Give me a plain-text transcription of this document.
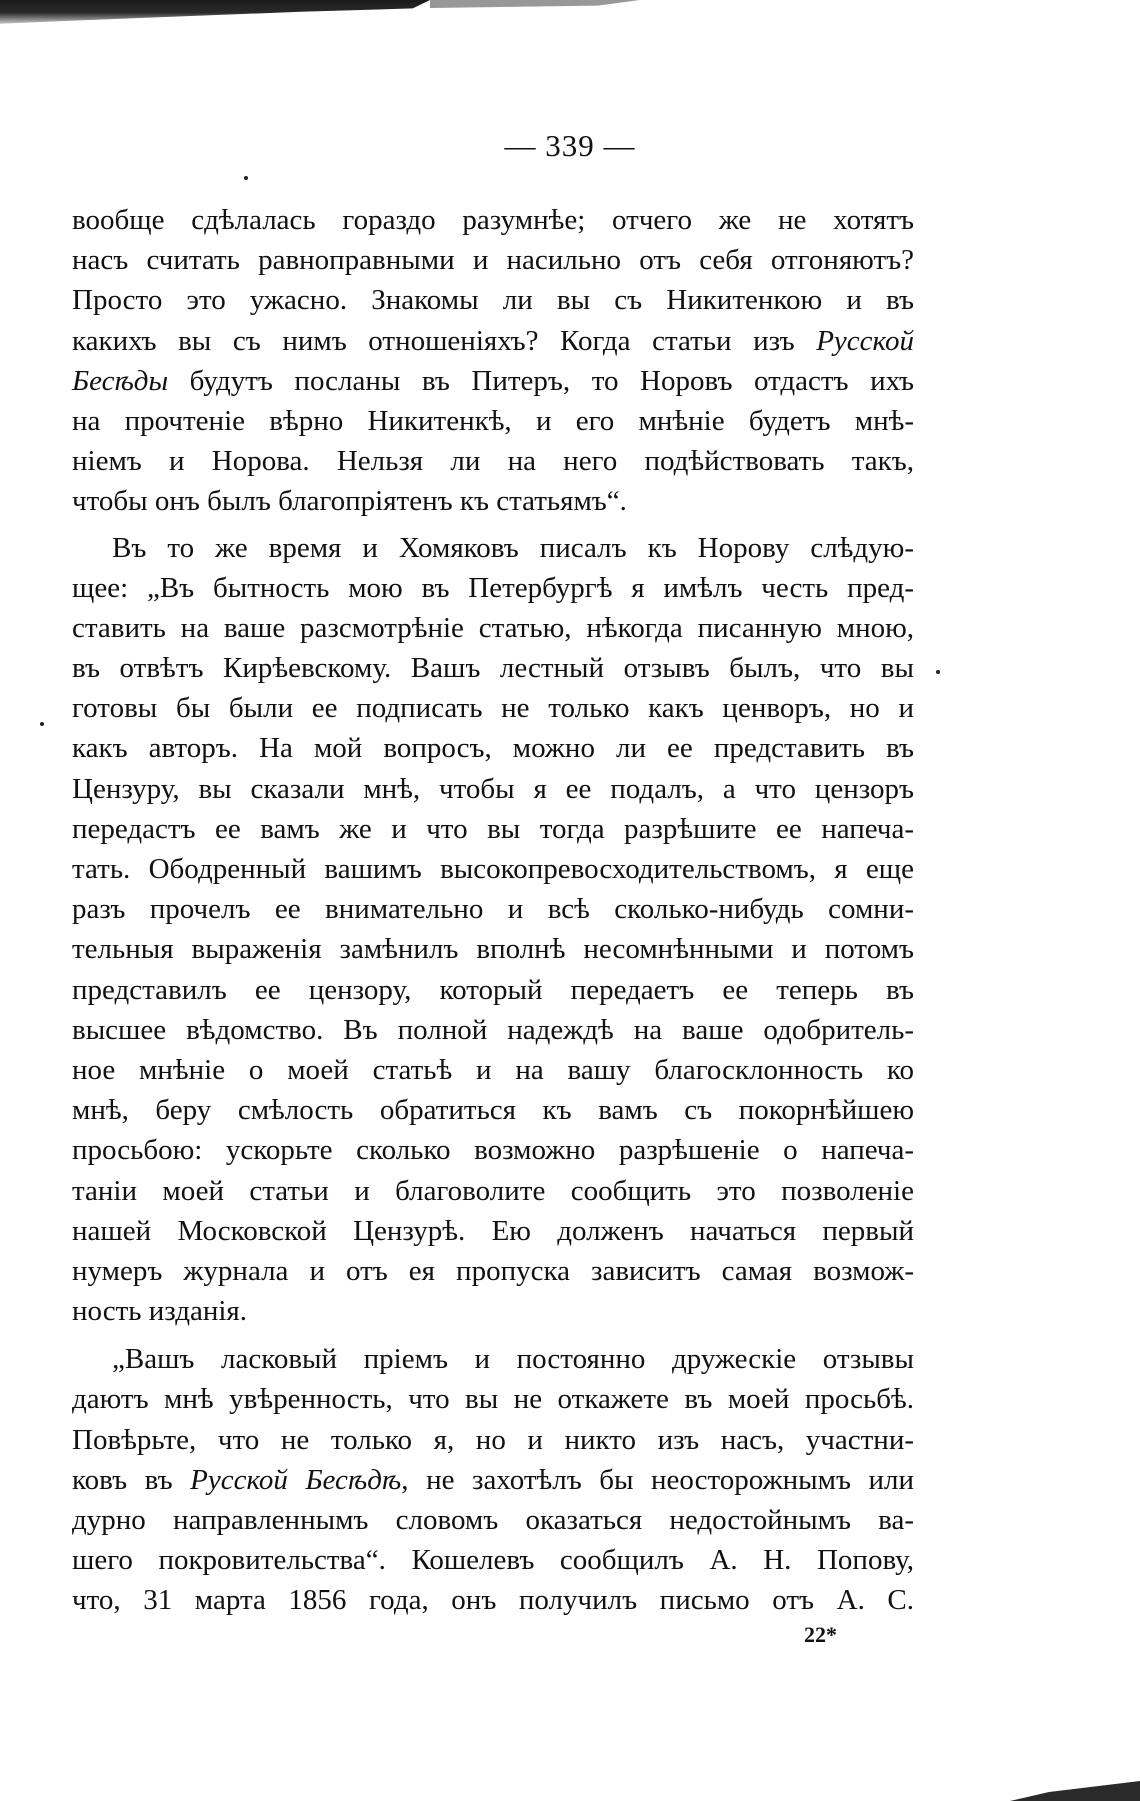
— 339 —
вообще сдѣлалась гораздо разумнѣе; отчего же не хотятъ
насъ считать равноправными и насильно отъ себя отгоняютъ?
Просто это ужасно. Знакомы ли вы съ Никитенкою и въ
какихъ вы съ нимъ отношеніяхъ? Когда статьи изъ Русской
Бесѣды будутъ посланы въ Питеръ, то Норовъ отдастъ ихъ
на прочтеніе вѣрно Никитенкѣ, и его мнѣніе будетъ мнѣ-
ніемъ и Норова. Нельзя ли на него подѣйствовать такъ,
чтобы онъ былъ благопріятенъ къ статьямъ“.
Въ то же время и Хомяковъ писалъ къ Норову слѣдую-
щее: „Въ бытность мою въ Петербургѣ я имѣлъ честь пред-
ставить на ваше разсмотрѣніе статью, нѣкогда писанную мною,
въ отвѣтъ Кирѣевскому. Вашъ лестный отзывъ былъ, что вы
готовы бы были ее подписать не только какъ ценворъ, но и
какъ авторъ. На мой вопросъ, можно ли ее представить въ
Цензуру, вы сказали мнѣ, чтобы я ее подалъ, а что цензоръ
передастъ ее вамъ же и что вы тогда разрѣшите ее напеча-
тать. Ободренный вашимъ высокопревосходительствомъ, я еще
разъ прочелъ ее внимательно и всѣ сколько-нибудь сомни-
тельныя выраженія замѣнилъ вполнѣ несомнѣнными и потомъ
представилъ ее цензору, который передаетъ ее теперь въ
высшее вѣдомство. Въ полной надеждѣ на ваше одобритель-
ное мнѣніе о моей статьѣ и на вашу благосклонность ко
мнѣ, беру смѣлость обратиться къ вамъ съ покорнѣйшею
просьбою: ускорьте сколько возможно разрѣшеніе о напеча-
таніи моей статьи и благоволите сообщить это позволеніе
нашей Московской Цензурѣ. Ею долженъ начаться первый
нумеръ журнала и отъ ея пропуска зависитъ самая возмож-
ность изданія.
„Вашъ ласковый пріемъ и постоянно дружескіе отзывы
даютъ мнѣ увѣренность, что вы не откажете въ моей просьбѣ.
Повѣрьте, что не только я, но и никто изъ насъ, участни-
ковъ въ Русской Бесѣдѣ, не захотѣлъ бы неосторожнымъ или
дурно направленнымъ словомъ оказаться недостойнымъ ва-
шего покровительства“. Кошелевъ сообщилъ А. Н. Попову,
что, 31 марта 1856 года, онъ получилъ письмо отъ А. С.
22*
